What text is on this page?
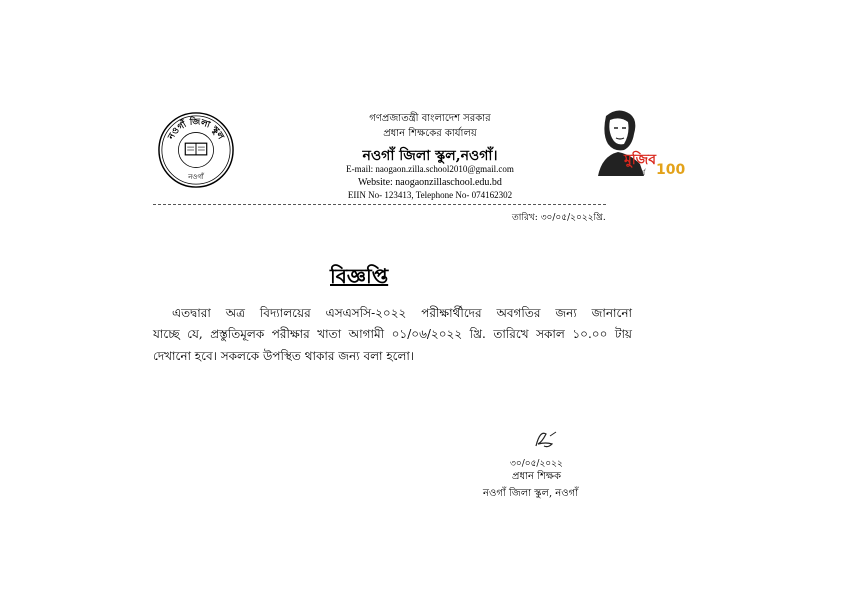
নওগাঁ জিলা স্কুল
নওগাঁ
মুজিব
শতবর্ষ 100
গণপ্রজাতন্ত্রী বাংলাদেশ সরকার
প্রধান শিক্ষকের কার্যালয়
নওগাঁ জিলা স্কুল,নওগাঁ।
E-mail: naogaon.zilla.school2010@gmail.com
Website: naogaonzillaschool.edu.bd
EIIN No- 123413, Telephone No- 074162302
তারিখ: ৩০/০৫/২০২২খ্রি.
বিজ্ঞপ্তি
এতদ্বারা অত্র বিদ্যালয়ের এসএসসি-২০২২ পরীক্ষার্থীদের অবগতির জন্য জানানো
যাচ্ছে যে, প্রস্তুতিমূলক পরীক্ষার খাতা আগামী ০১/০৬/২০২২ খ্রি. তারিখে সকাল ১০.০০ টায়
দেখানো হবে। সকলকে উপস্থিত থাকার জন্য বলা হলো।
৩০/০৫/২০২২
প্রধান শিক্ষক
নওগাঁ জিলা স্কুল, নওগাঁ
